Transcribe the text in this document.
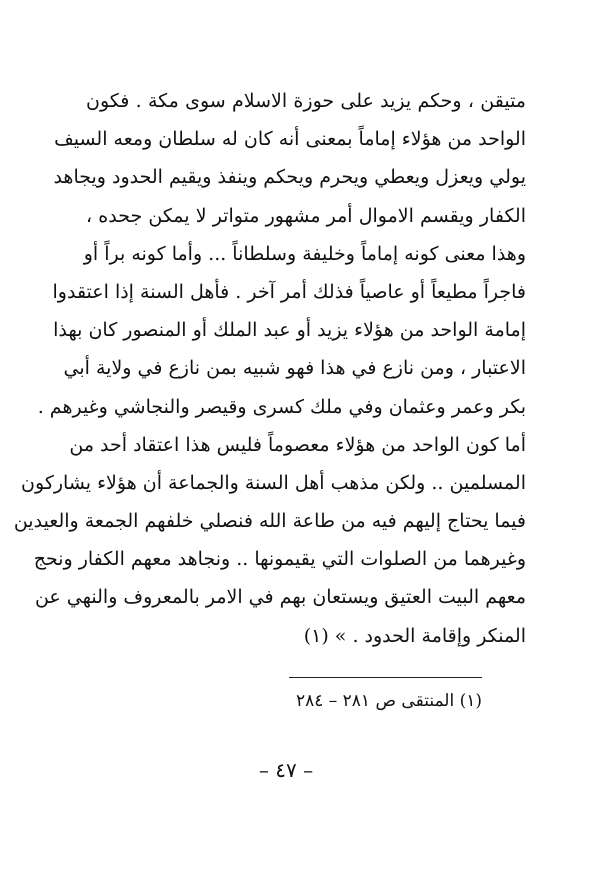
متيقن ، وحكم يزيد على حوزة الاسلام سوى مكة . فكون
الواحد من هؤلاء إماماً بمعنى أنه كان له سلطان ومعه السيف
يولي ويعزل ويعطي ويحرم ويحكم وينفذ ويقيم الحدود ويجاهد
الكفار ويقسم الاموال أمر مشهور متواتر لا يمكن جحده ،
وهذا معنى كونه إماماً وخليفة وسلطاناً ... وأما كونه براً أو
فاجراً مطيعاً أو عاصياً فذلك أمر آخر . فأهل السنة إذا اعتقدوا
إمامة الواحد من هؤلاء يزيد أو عبد الملك أو المنصور كان بهذا
الاعتبار ، ومن نازع في هذا فهو شبيه بمن نازع في ولاية أبي
بكر وعمر وعثمان وفي ملك كسرى وقيصر والنجاشي وغيرهم .
أما كون الواحد من هؤلاء معصوماً فليس هذا اعتقاد أحد من
المسلمين .. ولكن مذهب أهل السنة والجماعة أن هؤلاء يشاركون
فيما يحتاج إليهم فيه من طاعة الله فنصلي خلفهم الجمعة والعيدين
وغيرهما من الصلوات التي يقيمونها .. ونجاهد معهم الكفار ونحج
معهم البيت العتيق ويستعان بهم في الامر بالمعروف والنهي عن
المنكر وإقامة الحدود . » (١)
(١) المنتقى ص ٢٨١ – ٢٨٤
– ٤٧ –
